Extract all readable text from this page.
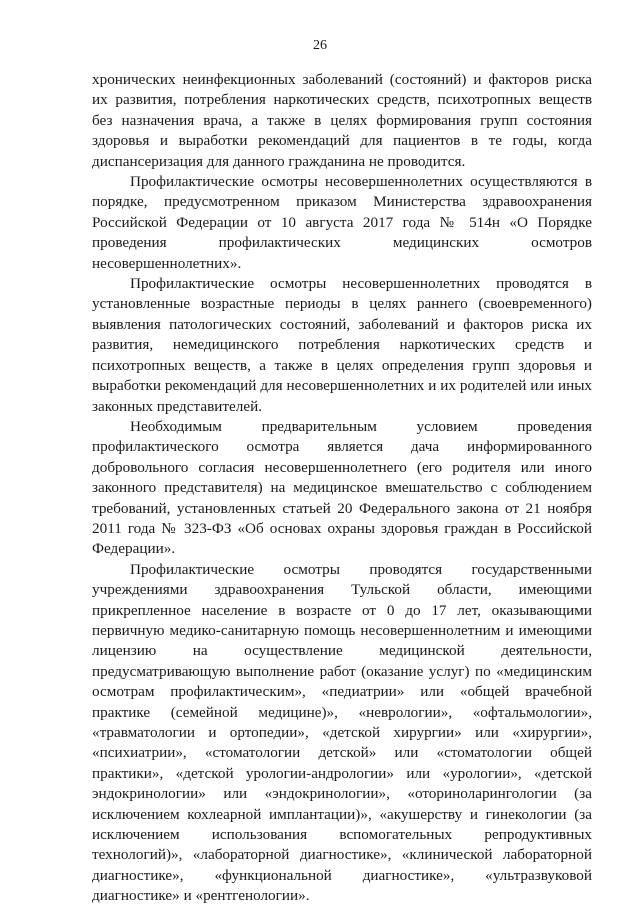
26

хронических неинфекционных заболеваний (состояний) и факторов риска их развития, потребления наркотических средств, психотропных веществ без назначения врача, а также в целях формирования групп состояния здоровья и выработки рекомендаций для пациентов в те годы, когда диспансеризация для данного гражданина не проводится.

Профилактические осмотры несовершеннолетних осуществляются в порядке, предусмотренном приказом Министерства здравоохранения Российской Федерации от 10 августа 2017 года № 514н «О Порядке проведения профилактических медицинских осмотров несовершеннолетних».

Профилактические осмотры несовершеннолетних проводятся в установленные возрастные периоды в целях раннего (своевременного) выявления патологических состояний, заболеваний и факторов риска их развития, немедицинского потребления наркотических средств и психотропных веществ, а также в целях определения групп здоровья и выработки рекомендаций для несовершеннолетних и их родителей или иных законных представителей.

Необходимым предварительным условием проведения профилактического осмотра является дача информированного добровольного согласия несовершеннолетнего (его родителя или иного законного представителя) на медицинское вмешательство с соблюдением требований, установленных статьей 20 Федерального закона от 21 ноября 2011 года № 323-ФЗ «Об основах охраны здоровья граждан в Российской Федерации».

Профилактические осмотры проводятся государственными учреждениями здравоохранения Тульской области, имеющими прикрепленное население в возрасте от 0 до 17 лет, оказывающими первичную медико-санитарную помощь несовершеннолетним и имеющими лицензию на осуществление медицинской деятельности, предусматривающую выполнение работ (оказание услуг) по «медицинским осмотрам профилактическим», «педиатрии» или «общей врачебной практике (семейной медицине)», «неврологии», «офтальмологии», «травматологии и ортопедии», «детской хирургии» или «хирургии», «психиатрии», «стоматологии детской» или «стоматологии общей практики», «детской урологии-андрологии» или «урологии», «детской эндокринологии» или «эндокринологии», «оториноларингологии (за исключением кохлеарной имплантации)», «акушерству и гинекологии (за исключением использования вспомогательных репродуктивных технологий)», «лабораторной диагностике», «клинической лабораторной диагностике», «функциональной диагностике», «ультразвуковой диагностике» и «рентгенологии».
